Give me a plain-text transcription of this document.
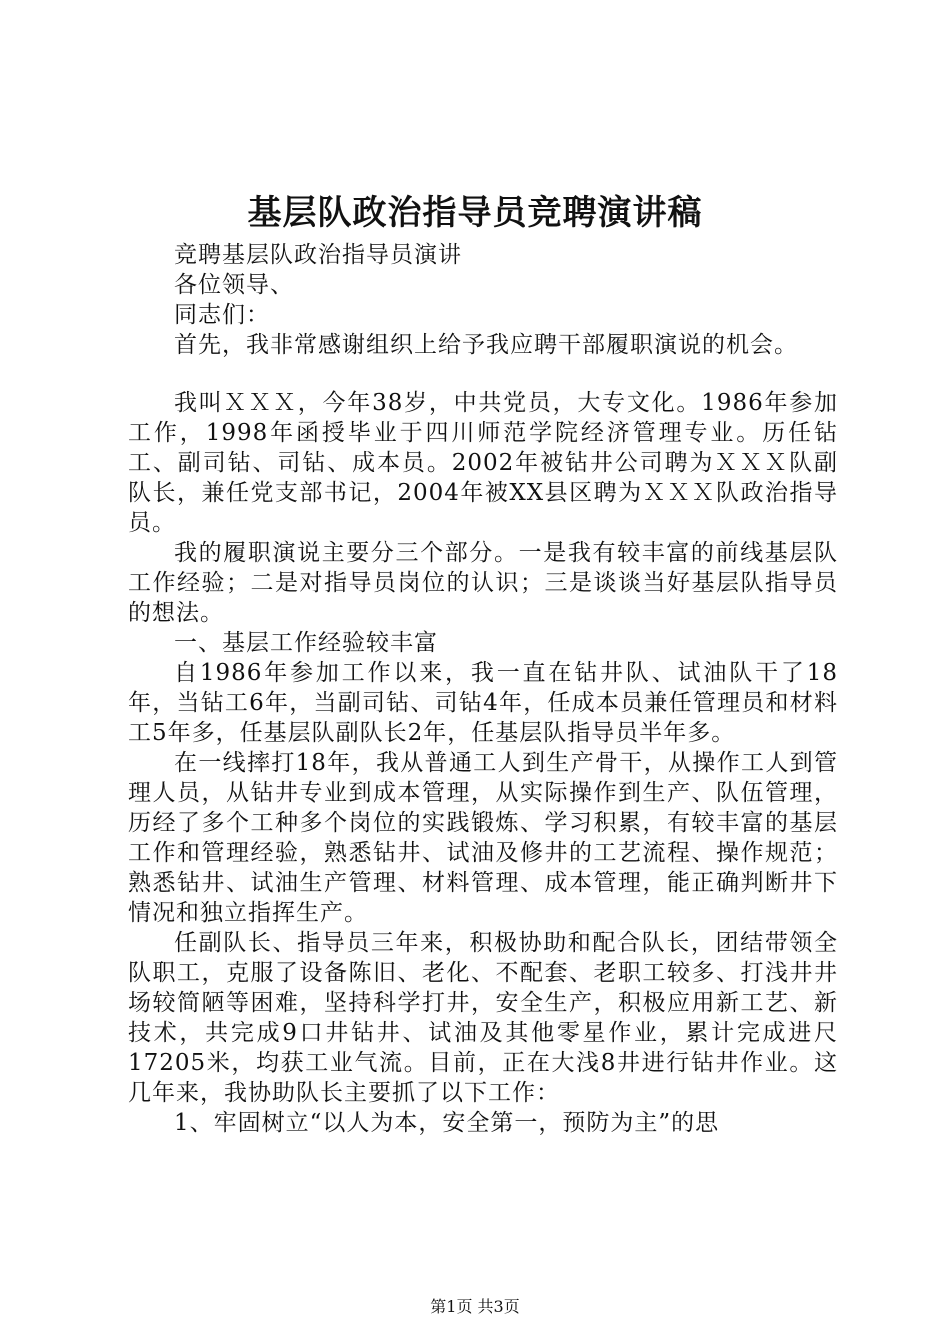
基层队政治指导员竞聘演讲稿

竞聘基层队政治指导员演讲

各位领导、

同志们：

首先，我非常感谢组织上给予我应聘干部履职演说的机会。

我叫ＸＸＸ，今年38岁，中共党员，大专文化。1986年参加工作，1998年函授毕业于四川师范学院经济管理专业。历任钻工、副司钻、司钻、成本员。2002年被钻井公司聘为ＸＸＸ队副队长，兼任党支部书记，2004年被XX县区聘为ＸＸＸ队政治指导员。

我的履职演说主要分三个部分。一是我有较丰富的前线基层队工作经验；二是对指导员岗位的认识；三是谈谈当好基层队指导员的想法。

一、基层工作经验较丰富

自1986年参加工作以来，我一直在钻井队、试油队干了18年，当钻工6年，当副司钻、司钻4年，任成本员兼任管理员和材料工5年多，任基层队副队长2年，任基层队指导员半年多。

在一线摔打18年，我从普通工人到生产骨干，从操作工人到管理人员，从钻井专业到成本管理，从实际操作到生产、队伍管理，历经了多个工种多个岗位的实践锻炼、学习积累，有较丰富的基层工作和管理经验，熟悉钻井、试油及修井的工艺流程、操作规范；熟悉钻井、试油生产管理、材料管理、成本管理，能正确判断井下情况和独立指挥生产。

任副队长、指导员三年来，积极协助和配合队长，团结带领全队职工，克服了设备陈旧、老化、不配套、老职工较多、打浅井井场较简陋等困难，坚持科学打井，安全生产，积极应用新工艺、新技术，共完成9口井钻井、试油及其他零星作业，累计完成进尺17205米，均获工业气流。目前，正在大浅8井进行钻井作业。这几年来，我协助队长主要抓了以下工作：

1、牢固树立“以人为本，安全第一，预防为主”的思

第1页 共3页
